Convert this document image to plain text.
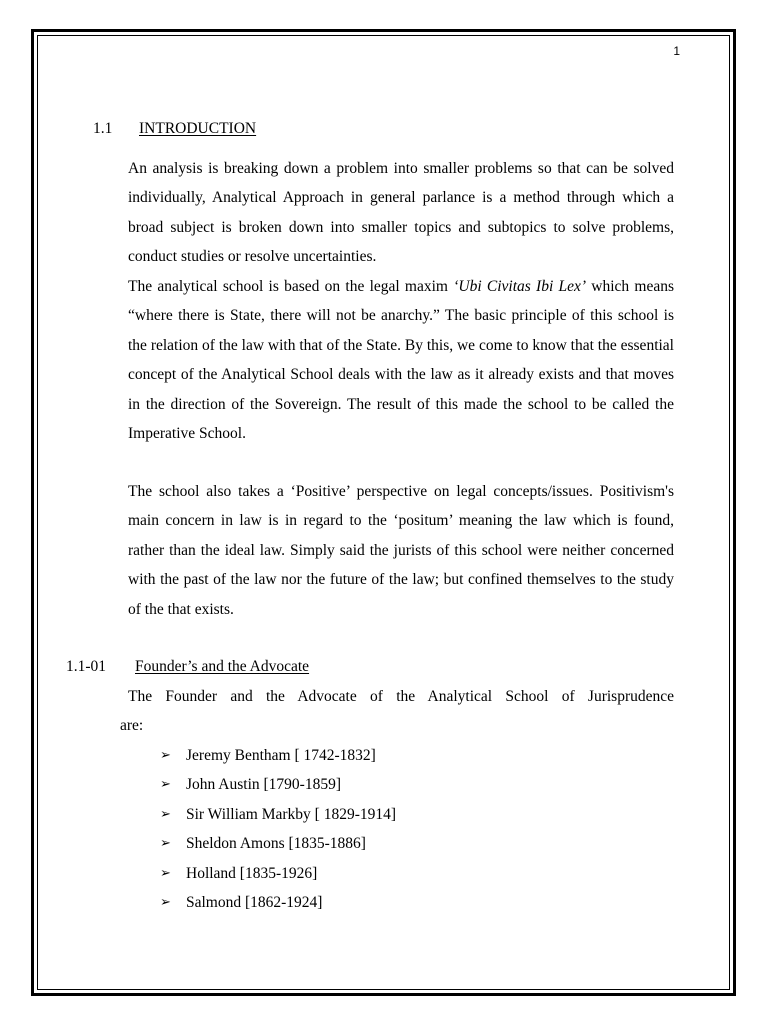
1
1.1 INTRODUCTION

An analysis is breaking down a problem into smaller problems so that can be solved individually, Analytical Approach in general parlance is a method through which a broad subject is broken down into smaller topics and subtopics to solve problems, conduct studies or resolve uncertainties.

The analytical school is based on the legal maxim ‘Ubi Civitas Ibi Lex’ which means “where there is State, there will not be anarchy.” The basic principle of this school is the relation of the law with that of the State. By this, we come to know that the essential concept of the Analytical School deals with the law as it already exists and that moves in the direction of the Sovereign. The result of this made the school to be called the Imperative School.

The school also takes a ‘Positive’ perspective on legal concepts/issues. Positivism's main concern in law is in regard to the ‘positum’ meaning the law which is found, rather than the ideal law. Simply said the jurists of this school were neither concerned with the past of the law nor the future of the law; but confined themselves to the study of the that exists.

1.1-01 Founder’s and the Advocate

The Founder and the Advocate of the Analytical School of Jurisprudence

are:

➢ Jeremy Bentham [ 1742-1832]
➢ John Austin [1790-1859]
➢ Sir William Markby [ 1829-1914]
➢ Sheldon Amons [1835-1886]
➢ Holland [1835-1926]
➢ Salmond [1862-1924]
